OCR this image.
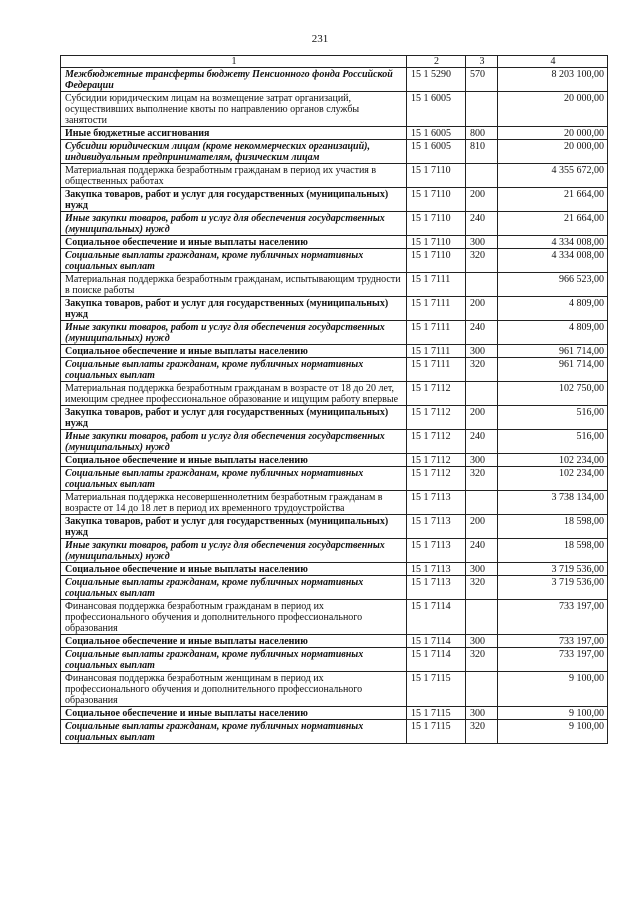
231
1	2	3	4
Межбюджетные трансферты бюджету Пенсионного фонда Российской Федерации	15 1 5290	570	8 203 100,00
Субсидии юридическим лицам на возмещение затрат организаций, осуществивших выполнение квоты по направлению органов службы занятости	15 1 6005		20 000,00
Иные бюджетные ассигнования	15 1 6005	800	20 000,00
Субсидии юридическим лицам (кроме некоммерческих организаций), индивидуальным предпринимателям, физическим лицам	15 1 6005	810	20 000,00
Материальная поддержка безработным гражданам в период их участия в общественных работах	15 1 7110		4 355 672,00
Закупка товаров, работ и услуг для государственных (муниципальных) нужд	15 1 7110	200	21 664,00
Иные закупки товаров, работ и услуг для обеспечения государственных (муниципальных) нужд	15 1 7110	240	21 664,00
Социальное обеспечение и иные выплаты населению	15 1 7110	300	4 334 008,00
Социальные выплаты гражданам, кроме публичных нормативных социальных выплат	15 1 7110	320	4 334 008,00
Материальная поддержка безработным гражданам, испытывающим трудности в поиске работы	15 1 7111		966 523,00
Закупка товаров, работ и услуг для государственных (муниципальных) нужд	15 1 7111	200	4 809,00
Иные закупки товаров, работ и услуг для обеспечения государственных (муниципальных) нужд	15 1 7111	240	4 809,00
Социальное обеспечение и иные выплаты населению	15 1 7111	300	961 714,00
Социальные выплаты гражданам, кроме публичных нормативных социальных выплат	15 1 7111	320	961 714,00
Материальная поддержка безработным гражданам в возрасте от 18 до 20 лет, имеющим среднее профессиональное образование и ищущим работу впервые	15 1 7112		102 750,00
Закупка товаров, работ и услуг для государственных (муниципальных) нужд	15 1 7112	200	516,00
Иные закупки товаров, работ и услуг для обеспечения государственных (муниципальных) нужд	15 1 7112	240	516,00
Социальное обеспечение и иные выплаты населению	15 1 7112	300	102 234,00
Социальные выплаты гражданам, кроме публичных нормативных социальных выплат	15 1 7112	320	102 234,00
Материальная поддержка несовершеннолетним безработным гражданам в возрасте от 14 до 18 лет в период их временного трудоустройства	15 1 7113		3 738 134,00
Закупка товаров, работ и услуг для государственных (муниципальных) нужд	15 1 7113	200	18 598,00
Иные закупки товаров, работ и услуг для обеспечения государственных (муниципальных) нужд	15 1 7113	240	18 598,00
Социальное обеспечение и иные выплаты населению	15 1 7113	300	3 719 536,00
Социальные выплаты гражданам, кроме публичных нормативных социальных выплат	15 1 7113	320	3 719 536,00
Финансовая поддержка безработным гражданам в период их профессионального обучения и дополнительного профессионального образования	15 1 7114		733 197,00
Социальное обеспечение и иные выплаты населению	15 1 7114	300	733 197,00
Социальные выплаты гражданам, кроме публичных нормативных социальных выплат	15 1 7114	320	733 197,00
Финансовая поддержка безработным женщинам в период их профессионального обучения и дополнительного профессионального образования	15 1 7115		9 100,00
Социальное обеспечение и иные выплаты населению	15 1 7115	300	9 100,00
Социальные выплаты гражданам, кроме публичных нормативных социальных выплат	15 1 7115	320	9 100,00
